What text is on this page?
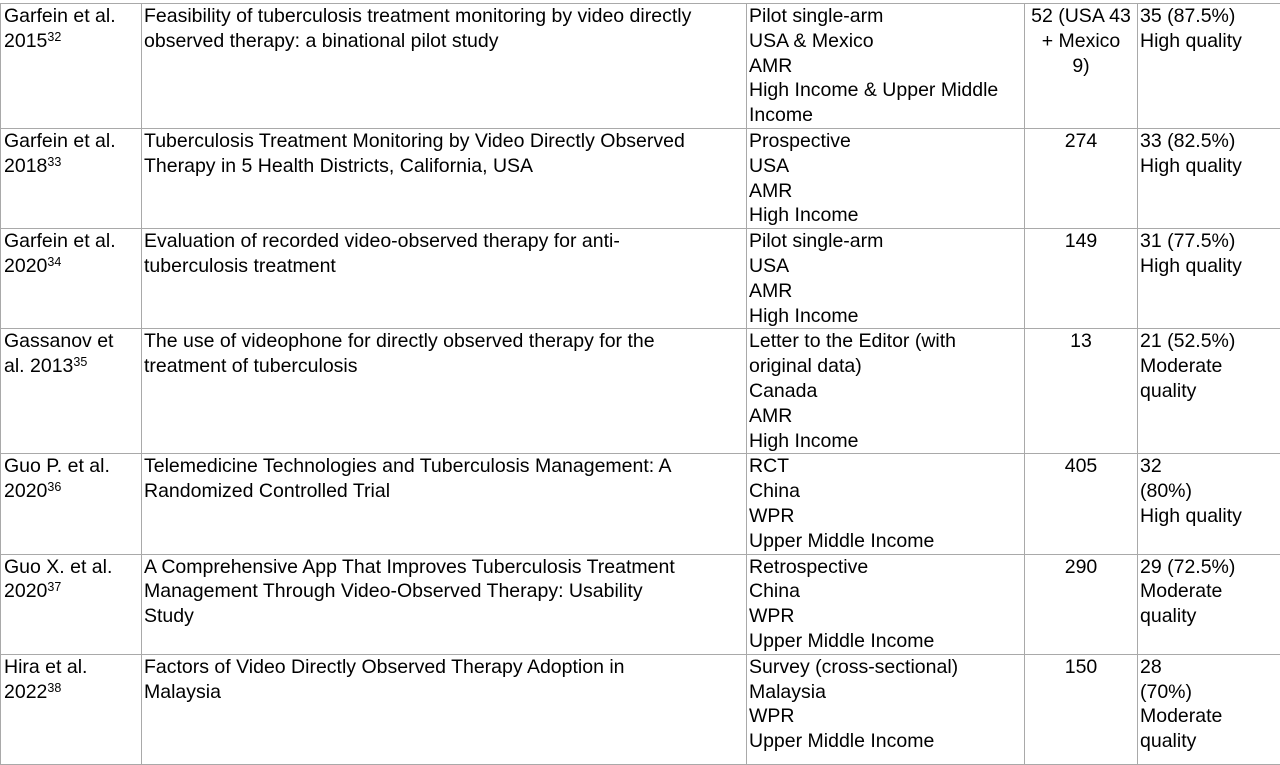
Garfein et al.
2015$^{32}$	Feasibility of tuberculosis treatment monitoring by video directly
observed therapy: a binational pilot study	Pilot single-arm
USA & Mexico
AMR
High Income & Upper Middle
Income	52 (USA 43
+ Mexico
9)	35 (87.5%)
High quality

Garfein et al.
2018$^{33}$	Tuberculosis Treatment Monitoring by Video Directly Observed
Therapy in 5 Health Districts, California, USA	Prospective
USA
AMR
High Income	274	33 (82.5%)
High quality

Garfein et al.
2020$^{34}$	Evaluation of recorded video-observed therapy for anti-
tuberculosis treatment	Pilot single-arm
USA
AMR
High Income	149	31 (77.5%)
High quality

Gassanov et
al. 2013$^{35}$	The use of videophone for directly observed therapy for the
treatment of tuberculosis	Letter to the Editor (with
original data)
Canada
AMR
High Income	13	21 (52.5%)
Moderate
quality

Guo P. et al.
2020$^{36}$	Telemedicine Technologies and Tuberculosis Management: A
Randomized Controlled Trial	RCT
China
WPR
Upper Middle Income	405	32
(80%)
High quality

Guo X. et al.
2020$^{37}$	A Comprehensive App That Improves Tuberculosis Treatment
Management Through Video-Observed Therapy: Usability
Study	Retrospective
China
WPR
Upper Middle Income	290	29 (72.5%)
Moderate
quality

Hira et al.
2022$^{38}$	Factors of Video Directly Observed Therapy Adoption in
Malaysia	Survey (cross-sectional)
Malaysia
WPR
Upper Middle Income	150	28
(70%)
Moderate
quality
